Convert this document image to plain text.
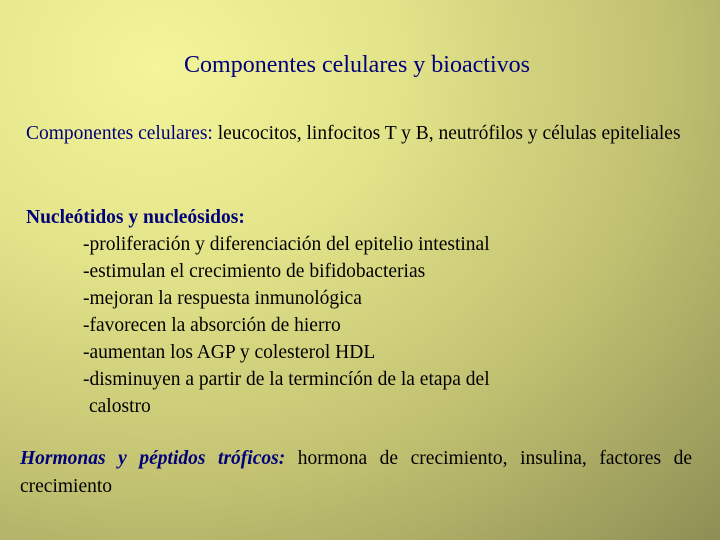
Componentes celulares y bioactivos
Componentes celulares: leucocitos, linfocitos T y B, neutrófilos y células epiteliales
Nucleótidos y nucleósidos:
-proliferación y diferenciación del epitelio intestinal
-estimulan el crecimiento de bifidobacterias
-mejoran la respuesta inmunológica
-favorecen la absorción de hierro
-aumentan los AGP y colesterol HDL
-disminuyen a partir de la termincíón de la etapa del
calostro
Hormonas y péptidos tróficos: hormona de crecimiento, insulina, factores de crecimiento
